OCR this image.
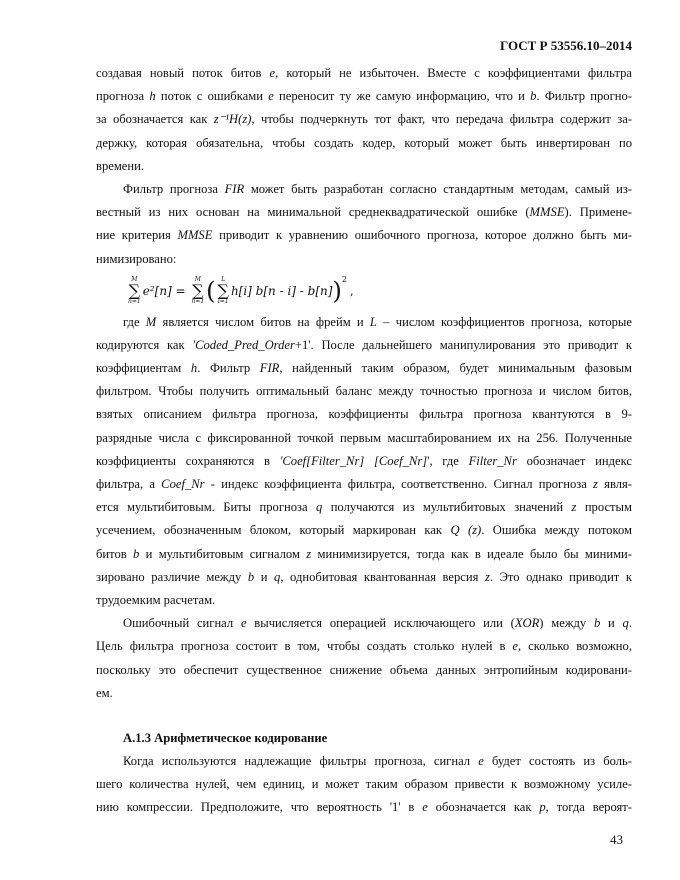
ГОСТ Р 53556.10–2014
создавая новый поток битов e, который не избыточен. Вместе с коэффициентами фильтра
прогноза h поток с ошибками e переносит ту же самую информацию, что и b. Фильтр прогно-
за обозначается как z⁻¹H(z), чтобы подчеркнуть тот факт, что передача фильтра содержит за-
держку, которая обязательна, чтобы создать кодер, который может быть инвертирован по
времени.
Фильтр прогноза FIR может быть разработан согласно стандартным методам, самый из-
вестный из них основан на минимальной среднеквадратической ошибке (MMSE). Примене-
ние критерия MMSE приводит к уравнению ошибочного прогноза, которое должно быть ми-
нимизировано:
M
∑
n=1
e²[n] =

M
∑
n=1 ( L
∑
i=1
h[i] b[n - i] - b[n] )$^2$
,
где M является числом битов на фрейм и L – числом коэффициентов прогноза, которые
кодируются как 'Coded_Pred_Order+1'. После дальнейшего манипулирования это приводит к
коэффициентам h. Фильтр FIR, найденный таким образом, будет минимальным фазовым
фильтром. Чтобы получить оптимальный баланс между точностью прогноза и числом битов,
взятых описанием фильтра прогноза, коэффициенты фильтра прогноза квантуются в 9-
разрядные числа с фиксированной точкой первым масштабированием их на 256. Полученные
коэффициенты сохраняются в 'Coef[Filter_Nr] [Coef_Nr]', где Filter_Nr обозначает индекс
фильтра, а Coef_Nr - индекс коэффициента фильтра, соответственно. Сигнал прогноза z явля-
ется мультибитовым. Биты прогноза q получаются из мультибитовых значений z простым
усечением, обозначенным блоком, который маркирован как Q (z). Ошибка между потоком
битов b и мультибитовым сигналом z минимизируется, тогда как в идеале было бы миними-
зировано различие между b и q, однобитовая квантованная версия z. Это однако приводит к
трудоемким расчетам.
Ошибочный сигнал e вычисляется операцией исключающего или (XOR) между b и q.
Цель фильтра прогноза состоит в том, чтобы создать столько нулей в e, сколько возможно,
поскольку это обеспечит существенное снижение объема данных энтропийным кодировани-
ем.
А.1.3 Арифметическое кодирование
Когда используются надлежащие фильтры прогноза, сигнал e будет состоять из боль-
шего количества нулей, чем единиц, и может таким образом привести к возможному усиле-
нию компрессии. Предположите, что вероятность '1' в e обозначается как p, тогда вероят-
43
